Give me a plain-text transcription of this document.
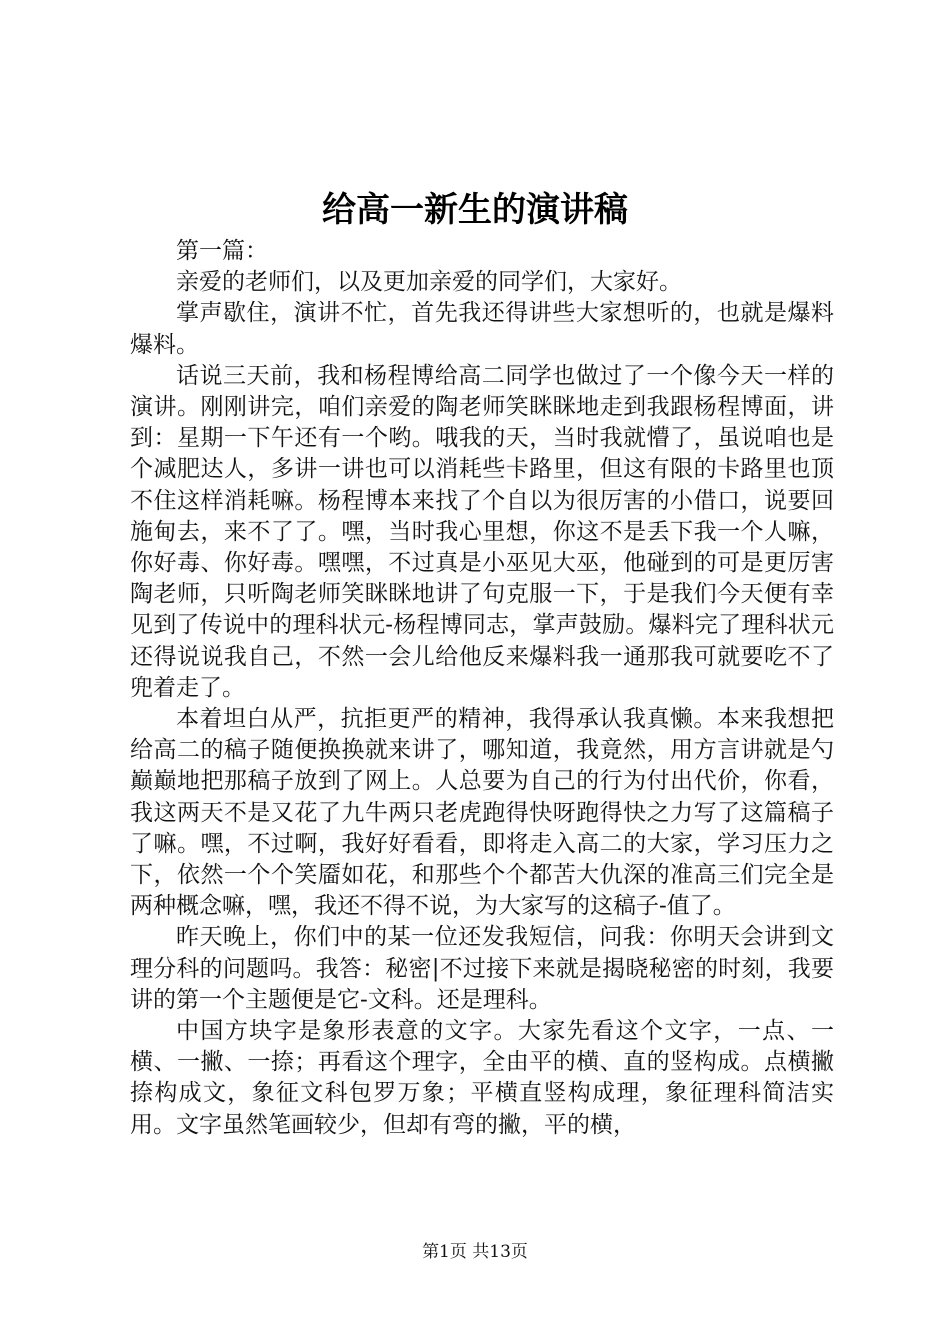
给高一新生的演讲稿

第一篇：

亲爱的老师们，以及更加亲爱的同学们，大家好。

掌声歇住，演讲不忙，首先我还得讲些大家想听的，也就是爆料爆料。

话说三天前，我和杨程博给高二同学也做过了一个像今天一样的演讲。刚刚讲完，咱们亲爱的陶老师笑眯眯地走到我跟杨程博面，讲到：星期一下午还有一个哟。哦我的天，当时我就懵了，虽说咱也是个减肥达人，多讲一讲也可以消耗些卡路里，但这有限的卡路里也顶不住这样消耗嘛。杨程博本来找了个自以为很厉害的小借口，说要回施甸去，来不了了。嘿，当时我心里想，你这不是丢下我一个人嘛，你好毒、你好毒。嘿嘿，不过真是小巫见大巫，他碰到的可是更厉害陶老师，只听陶老师笑眯眯地讲了句克服一下，于是我们今天便有幸见到了传说中的理科状元-杨程博同志，掌声鼓励。爆料完了理科状元还得说说我自己，不然一会儿给他反来爆料我一通那我可就要吃不了兜着走了。

本着坦白从严，抗拒更严的精神，我得承认我真懒。本来我想把给高二的稿子随便换换就来讲了，哪知道，我竟然，用方言讲就是勺巅巅地把那稿子放到了网上。人总要为自己的行为付出代价，你看，我这两天不是又花了九牛两只老虎跑得快呀跑得快之力写了这篇稿子了嘛。嘿，不过啊，我好好看看，即将走入高二的大家，学习压力之下，依然一个个笑靥如花，和那些个个都苦大仇深的准高三们完全是两种概念嘛，嘿，我还不得不说，为大家写的这稿子-值了。

昨天晚上，你们中的某一位还发我短信，问我：你明天会讲到文理分科的问题吗。我答：秘密|不过接下来就是揭晓秘密的时刻，我要讲的第一个主题便是它-文科。还是理科。

中国方块字是象形表意的文字。大家先看这个文字，一点、一横、一撇、一捺；再看这个理字，全由平的横、直的竖构成。点横撇捺构成文，象征文科包罗万象；平横直竖构成理，象征理科简洁实用。文字虽然笔画较少，但却有弯的撇，平的横，

第1页 共13页
